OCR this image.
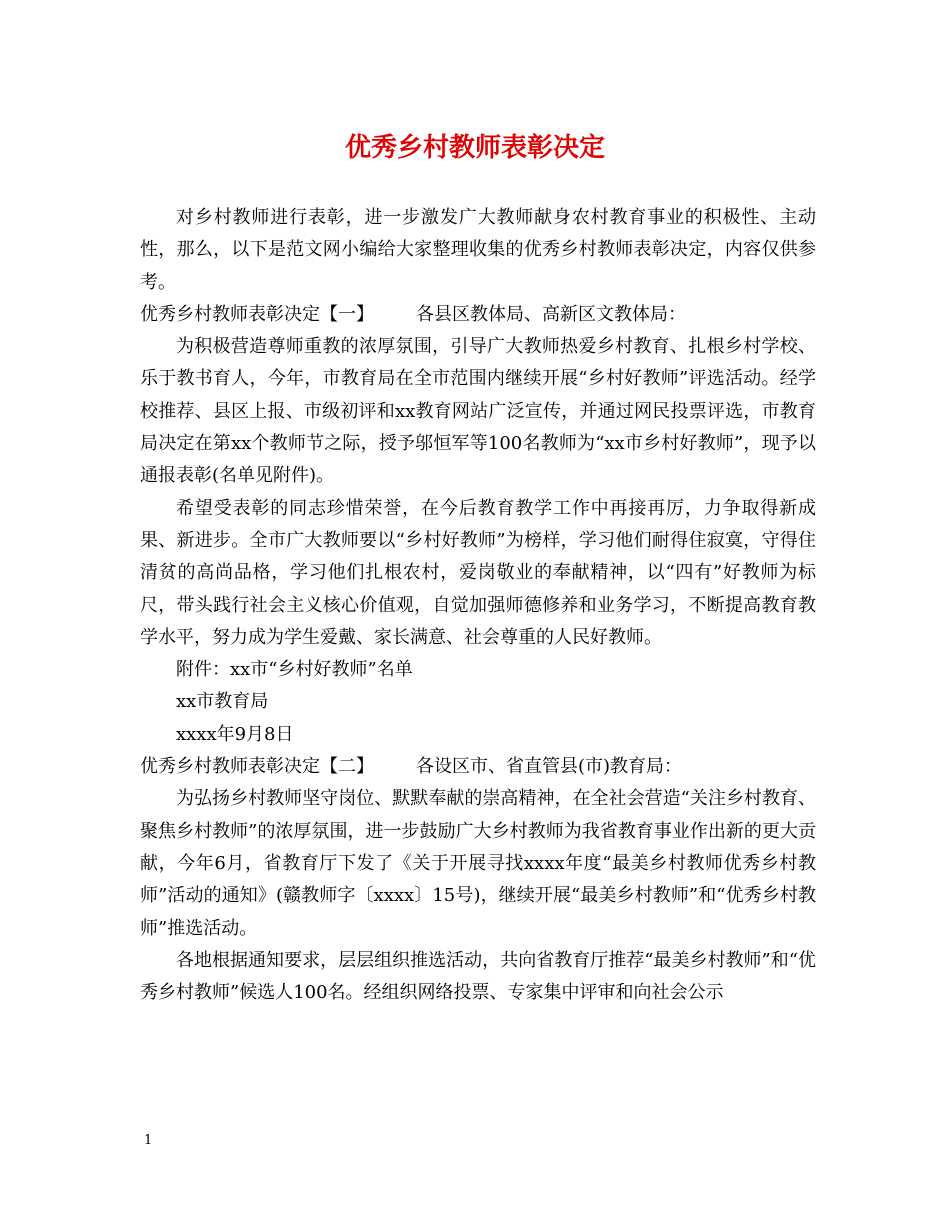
优秀乡村教师表彰决定

对乡村教师进行表彰，进一步激发广大教师献身农村教育事业的积极性、主动性，那么，以下是范文网小编给大家整理收集的优秀乡村教师表彰决定，内容仅供参考。

优秀乡村教师表彰决定【一】 各县区教体局、高新区文教体局：

为积极营造尊师重教的浓厚氛围，引导广大教师热爱乡村教育、扎根乡村学校、乐于教书育人，今年，市教育局在全市范围内继续开展“乡村好教师”评选活动。经学校推荐、县区上报、市级初评和xx教育网站广泛宣传，并通过网民投票评选，市教育局决定在第xx个教师节之际，授予邬恒军等100名教师为“xx市乡村好教师”，现予以通报表彰(名单见附件)。

希望受表彰的同志珍惜荣誉，在今后教育教学工作中再接再厉，力争取得新成果、新进步。全市广大教师要以“乡村好教师”为榜样，学习他们耐得住寂寞，守得住清贫的高尚品格，学习他们扎根农村，爱岗敬业的奉献精神，以“四有”好教师为标尺，带头践行社会主义核心价值观，自觉加强师德修养和业务学习，不断提高教育教学水平，努力成为学生爱戴、家长满意、社会尊重的人民好教师。

附件：xx市“乡村好教师”名单

xx市教育局

xxxx年9月8日

优秀乡村教师表彰决定【二】 各设区市、省直管县(市)教育局：

为弘扬乡村教师坚守岗位、默默奉献的崇高精神，在全社会营造“关注乡村教育、聚焦乡村教师”的浓厚氛围，进一步鼓励广大乡村教师为我省教育事业作出新的更大贡献，今年6月，省教育厅下发了《关于开展寻找xxxx年度“最美乡村教师优秀乡村教师”活动的通知》(赣教师字〔xxxx〕15号)，继续开展“最美乡村教师”和“优秀乡村教师”推选活动。

各地根据通知要求，层层组织推选活动，共向省教育厅推荐“最美乡村教师”和“优秀乡村教师”候选人100名。经组织网络投票、专家集中评审和向社会公示

1
